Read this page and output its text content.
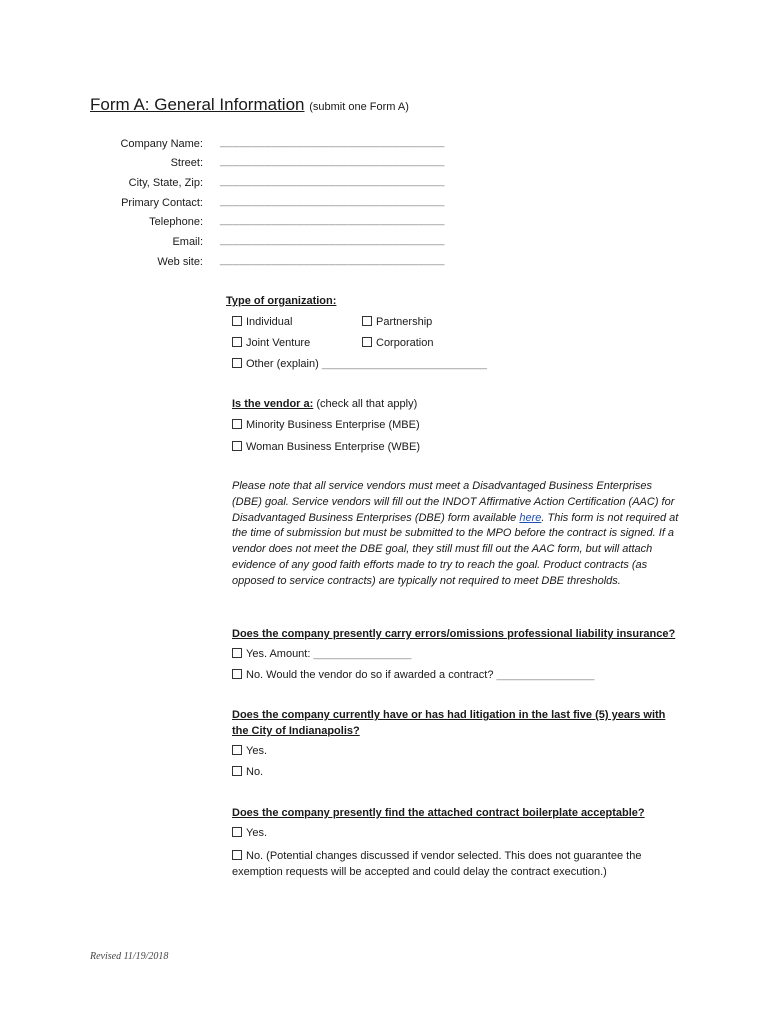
Form A: General Information (submit one Form A)
Company Name: ___________________________________
Street: ___________________________________
City, State, Zip: ___________________________________
Primary Contact: ___________________________________
Telephone: ___________________________________
Email: ___________________________________
Web site: ___________________________________
Type of organization:
Individual	Partnership
Joint Venture	Corporation
Other (explain) ___________________________
Is the vendor a: (check all that apply)
Minority Business Enterprise (MBE)
Woman Business Enterprise (WBE)
Please note that all service vendors must meet a Disadvantaged Business Enterprises (DBE) goal. Service vendors will fill out the INDOT Affirmative Action Certification (AAC) for Disadvantaged Business Enterprises (DBE) form available here. This form is not required at the time of submission but must be submitted to the MPO before the contract is signed. If a vendor does not meet the DBE goal, they still must fill out the AAC form, but will attach evidence of any good faith efforts made to try to reach the goal. Product contracts (as opposed to service contracts) are typically not required to meet DBE thresholds.
Does the company presently carry errors/omissions professional liability insurance?
Yes. Amount: ________________
No. Would the vendor do so if awarded a contract? ________________
Does the company currently have or has had litigation in the last five (5) years with the City of Indianapolis?
Yes.
No.
Does the company presently find the attached contract boilerplate acceptable?
Yes.
No. (Potential changes discussed if vendor selected. This does not guarantee the exemption requests will be accepted and could delay the contract execution.)
Revised 11/19/2018
